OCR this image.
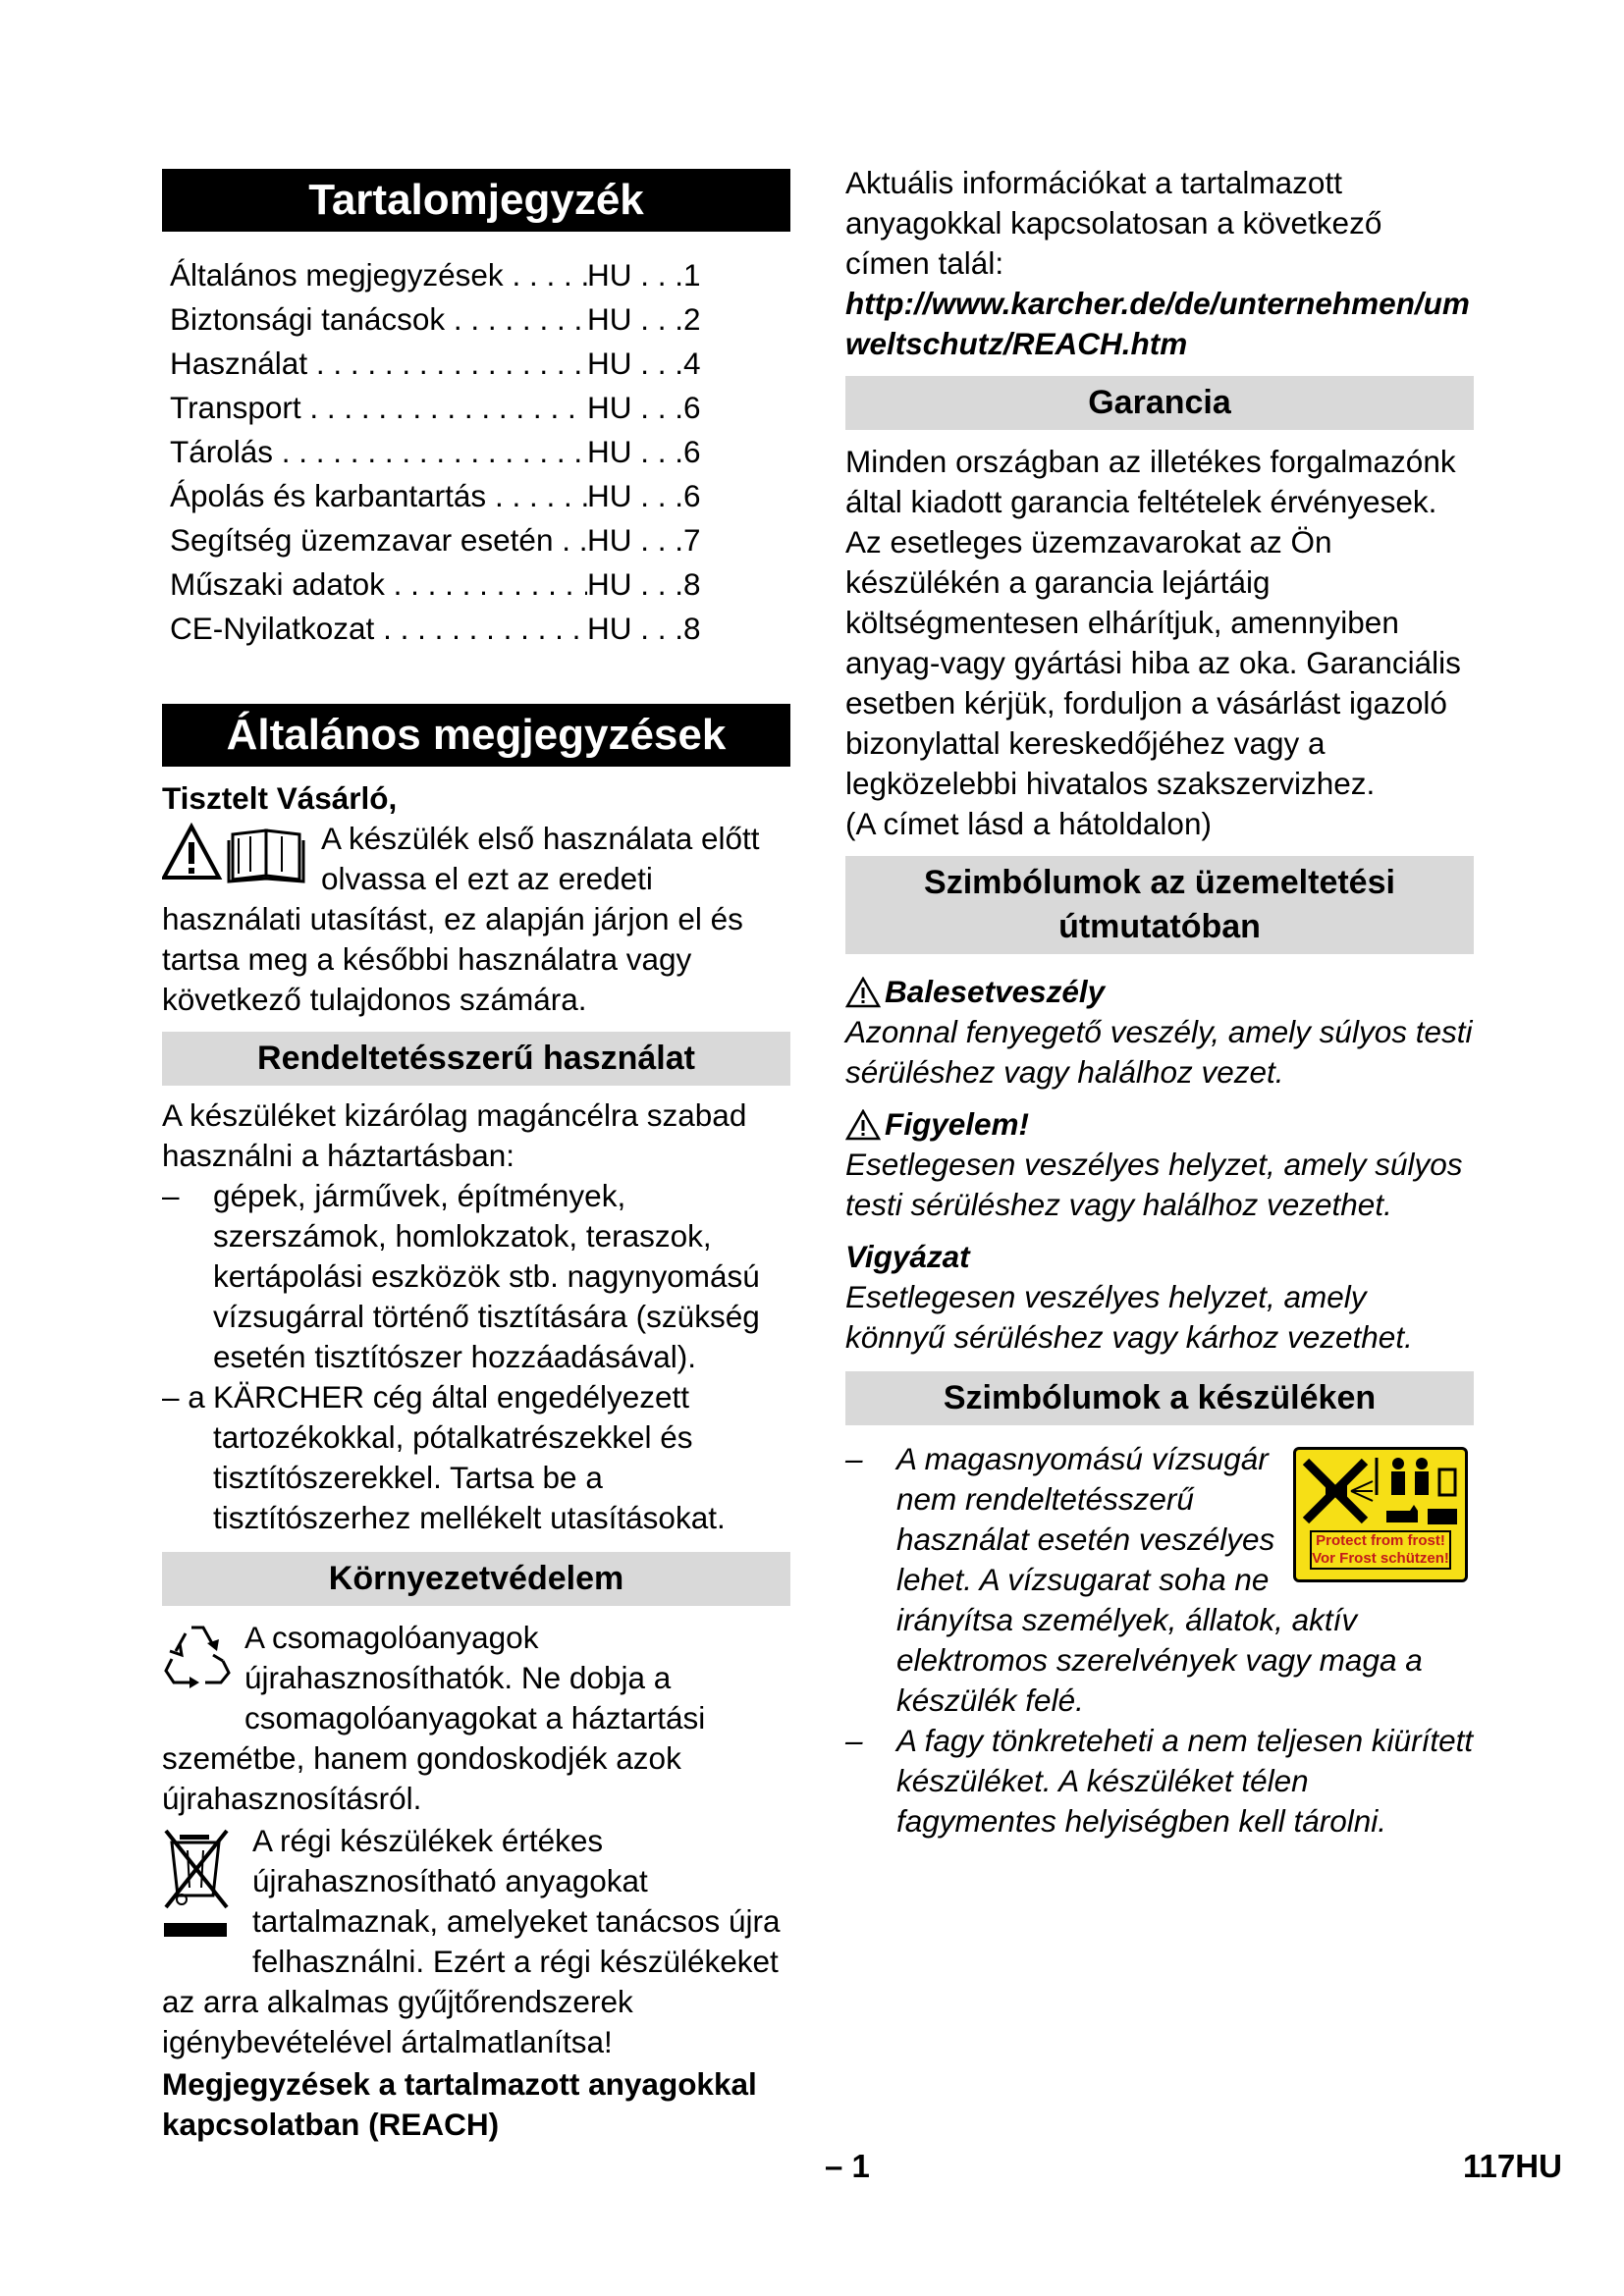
Tartalomjegyzék
Általános megjegyzések . . .	HU . . .1
Biztonsági tanácsok . . .	HU . . .2
Használat . . .	HU . . .4
Transport . . .	HU . . .6
Tárolás . . .	HU . . .6
Ápolás és karbantartás . . .	HU . . .6
Segítség üzemzavar esetén . . .	HU . . .7
Műszaki adatok . . .	HU . . .8
CE-Nyilatkozat . . .	HU . . .8
Általános megjegyzések
Tisztelt Vásárló,
A készülék első használata előtt olvassa el ezt az eredeti használati utasítást, ez alapján járjon el és tartsa meg a későbbi használatra vagy következő tulajdonos számára.
Rendeltetésszerű használat
A készüléket kizárólag magáncélra szabad használni a háztartásban:
– gépek, járművek, építmények, szerszámok, homlokzatok, teraszok, kertápolási eszközök stb. nagynyomású vízsugárral történő tisztítására (szükség esetén tisztítószer hozzáadásával).
– a KÄRCHER cég által engedélyezett tartozékokkal, pótalkatrészekkel és tisztítószerekkel. Tartsa be a tisztítószerhez mellékelt utasításokat.
Környezetvédelem
A csomagolóanyagok újrahasznosíthatók. Ne dobja a csomagolóanyagokat a háztartási szemétbe, hanem gondoskodjék azok újrahasznosításról.
A régi készülékek értékes újrahasznosítható anyagokat tartalmaznak, amelyeket tanácsos újra felhasználni. Ezért a régi készülékeket az arra alkalmas gyűjtőrendszerek igénybevételével ártalmatlanítsa!
Megjegyzések a tartalmazott anyagokkal kapcsolatban (REACH)
Aktuális információkat a tartalmazott anyagokkal kapcsolatosan a következő címen talál:
http://www.karcher.de/de/unternehmen/umweltschutz/REACH.htm
Garancia
Minden országban az illetékes forgalmazónk által kiadott garancia feltételek érvényesek. Az esetleges üzemzavarokat az Ön készülékén a garancia lejártáig költségmentesen elhárítjuk, amennyiben anyag-vagy gyártási hiba az oka. Garanciális esetben kérjük, forduljon a vásárlást igazoló bizonylattal kereskedőjéhez vagy a legközelebbi hivatalos szakszervizhez.
(A címet lásd a hátoldalon)
Szimbólumok az üzemeltetési útmutatóban
Balesetveszély
Azonnal fenyegető veszély, amely súlyos testi sérüléshez vagy halálhoz vezet.
Figyelem!
Esetlegesen veszélyes helyzet, amely súlyos testi sérüléshez vagy halálhoz vezethet.
Vigyázat
Esetlegesen veszélyes helyzet, amely könnyű sérüléshez vagy kárhoz vezethet.
Szimbólumok a készüléken
Protect from frost!
Vor Frost schützen!
– A magasnyomású vízsugár nem rendeltetésszerű használat esetén veszélyes lehet. A vízsugarat soha ne irányítsa személyek, állatok, aktív elektromos szerelvények vagy maga a készülék felé.
– A fagy tönkreteheti a nem teljesen kiürített készüléket. A készüléket télen fagymentes helyiségben kell tárolni.
– 1	117HU
